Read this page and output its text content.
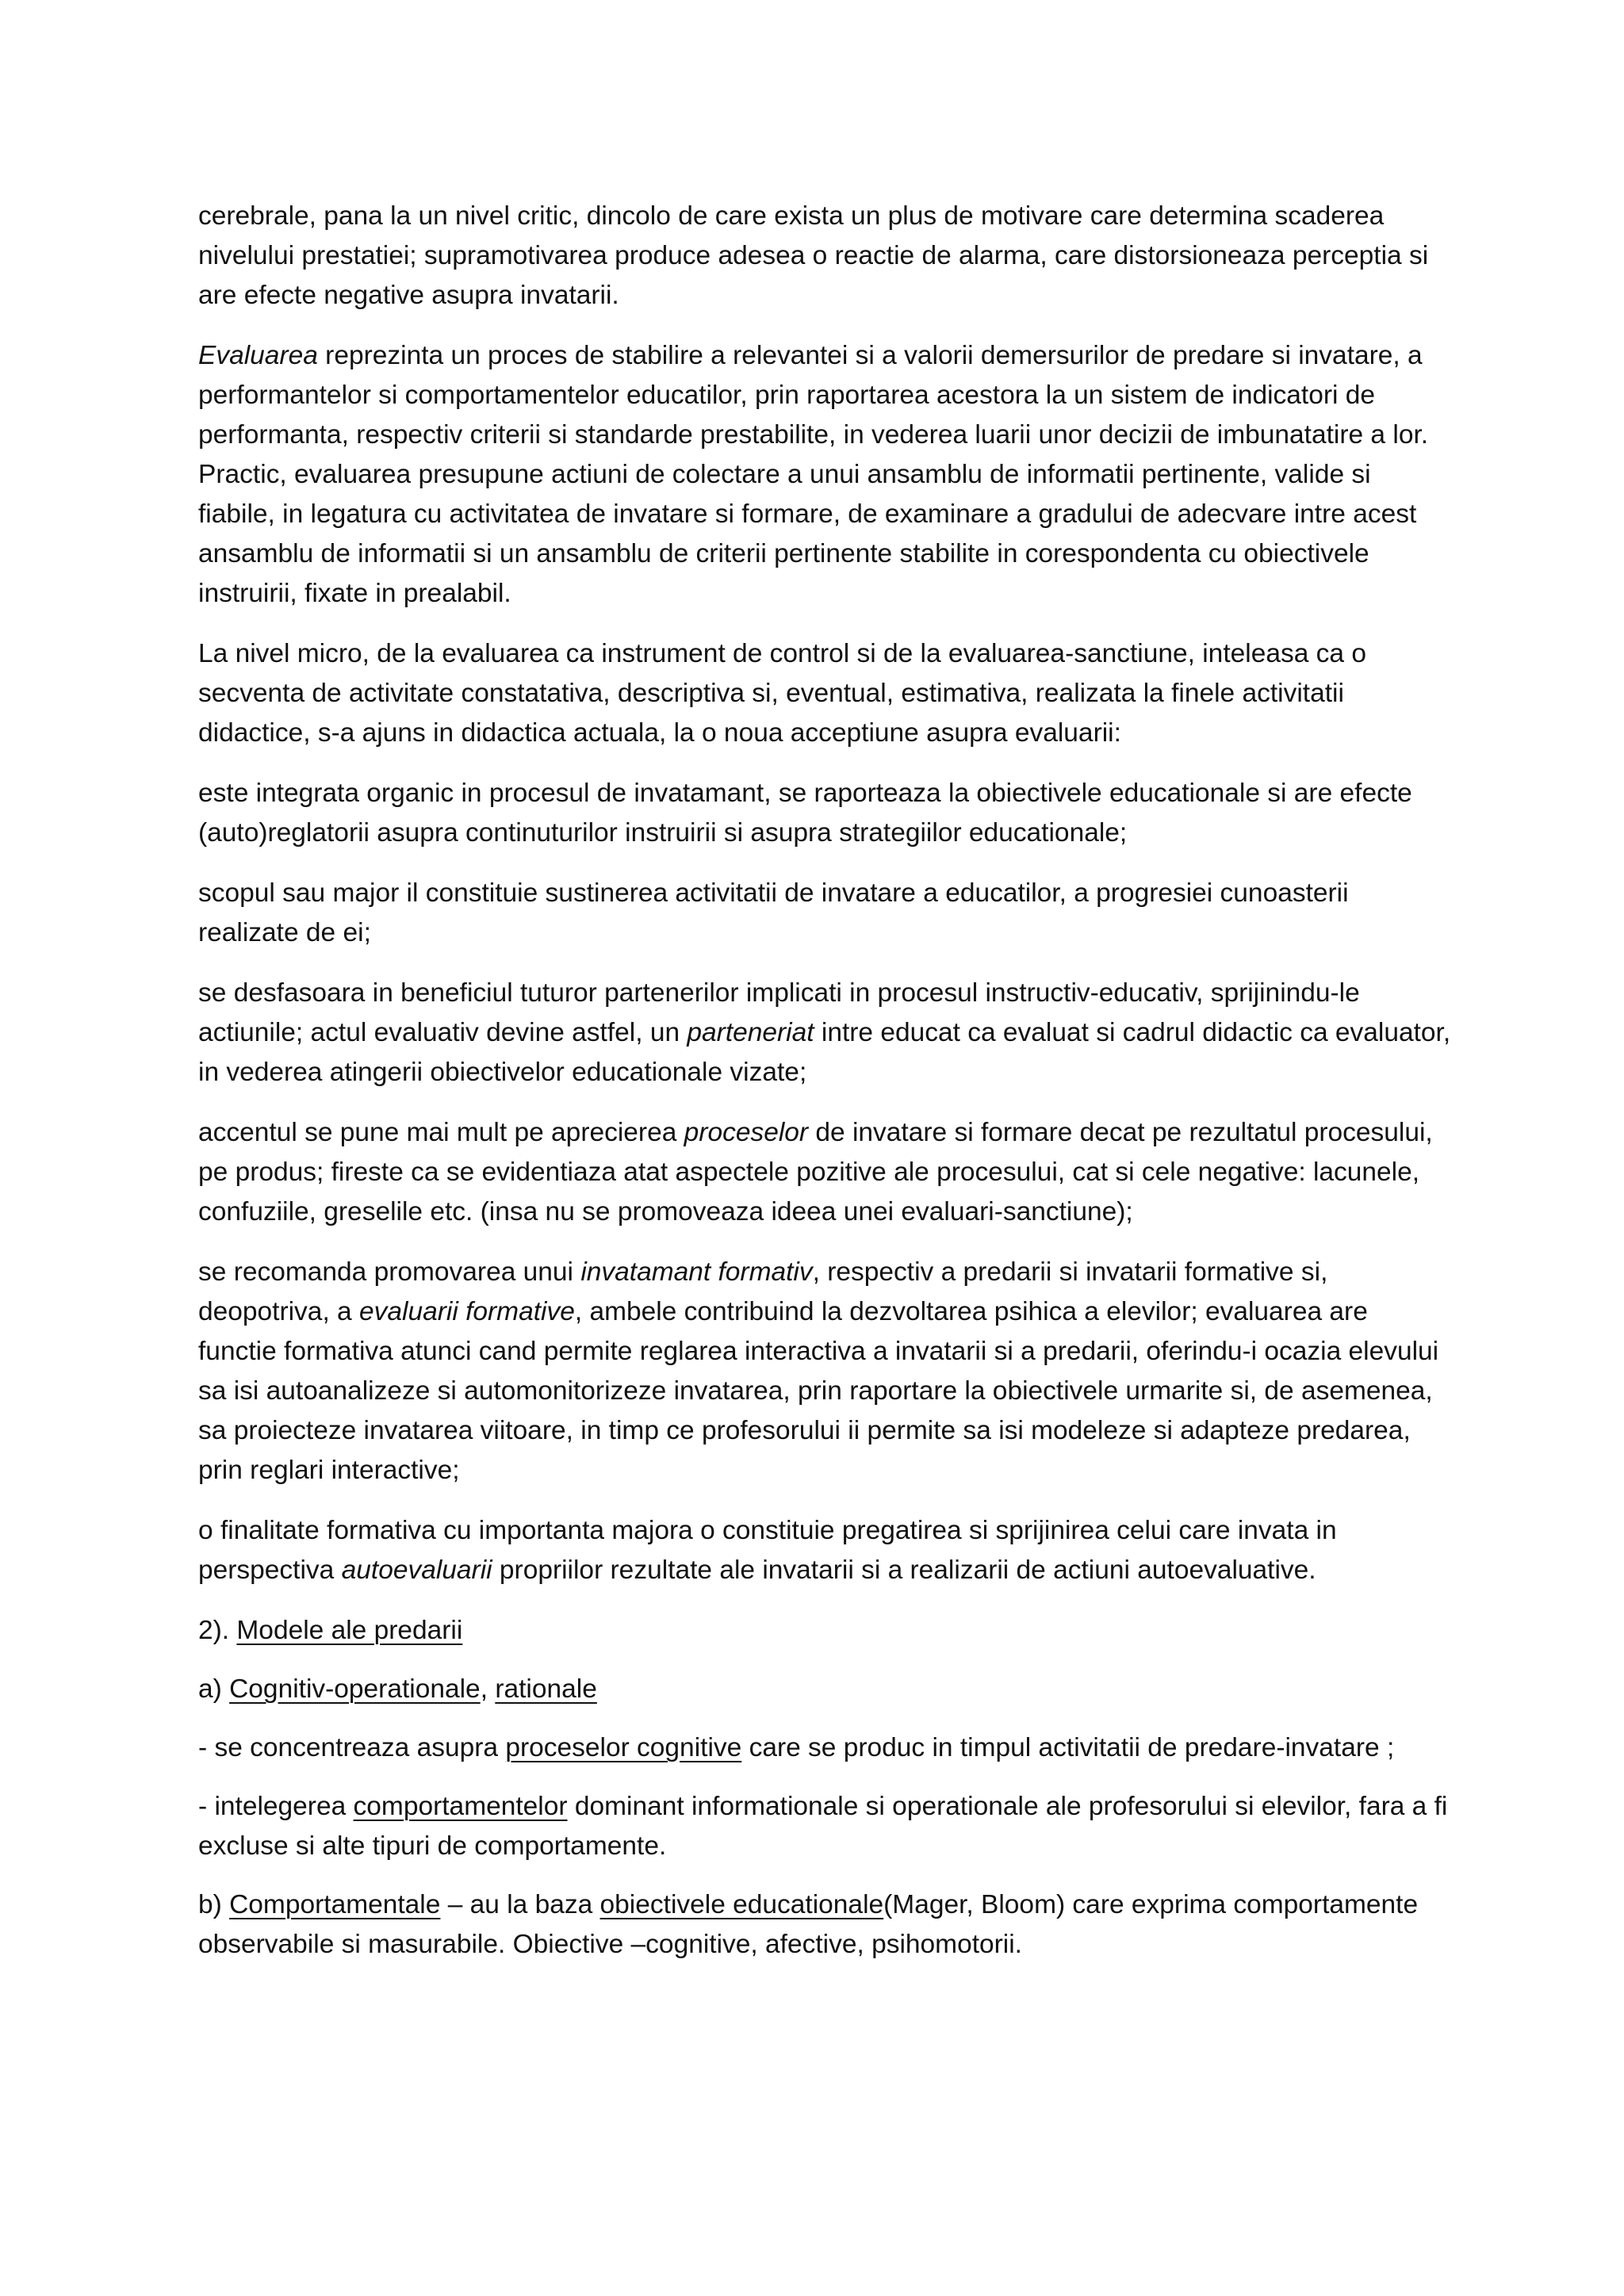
cerebrale, pana la un nivel critic, dincolo de care exista un plus de motivare care determina scaderea nivelului prestatiei; supramotivarea produce adesea o reactie de alarma, care distorsioneaza perceptia si are efecte negative asupra invatarii.

Evaluarea reprezinta un proces de stabilire a relevantei si a valorii demersurilor de predare si invatare, a performantelor si comportamentelor educatilor, prin raportarea acestora la un sistem de indicatori de performanta, respectiv criterii si standarde prestabilite, in vederea luarii unor decizii de imbunatatire a lor. Practic, evaluarea presupune actiuni de colectare a unui ansamblu de informatii pertinente, valide si fiabile, in legatura cu activitatea de invatare si formare, de examinare a gradului de adecvare intre acest ansamblu de informatii si un ansamblu de criterii pertinente stabilite in corespondenta cu obiectivele instruirii, fixate in prealabil.

La nivel micro, de la evaluarea ca instrument de control si de la evaluarea-sanctiune, inteleasa ca o secventa de activitate constatativa, descriptiva si, eventual, estimativa, realizata la finele activitatii didactice, s-a ajuns in didactica actuala, la o noua acceptiune asupra evaluarii:

este integrata organic in procesul de invatamant, se raporteaza la obiectivele educationale si are efecte (auto)reglatorii asupra continuturilor instruirii si asupra strategiilor educationale;

scopul sau major il constituie sustinerea activitatii de invatare a educatilor, a progresiei cunoasterii realizate de ei;

se desfasoara in beneficiul tuturor partenerilor implicati in procesul instructiv-educativ, sprijinindu-le actiunile; actul evaluativ devine astfel, un parteneriat intre educat ca evaluat si cadrul didactic ca evaluator, in vederea atingerii obiectivelor educationale vizate;

accentul se pune mai mult pe aprecierea proceselor de invatare si formare decat pe rezultatul procesului, pe produs; fireste ca se evidentiaza atat aspectele pozitive ale procesului, cat si cele negative: lacunele, confuziile, greselile etc. (insa nu se promoveaza ideea unei evaluari-sanctiune);

se recomanda promovarea unui invatamant formativ, respectiv a predarii si invatarii formative si, deopotriva, a evaluarii formative, ambele contribuind la dezvoltarea psihica a elevilor; evaluarea are functie formativa atunci cand permite reglarea interactiva a invatarii si a predarii, oferindu-i ocazia elevului sa isi autoanalizeze si automonitorizeze invatarea, prin raportare la obiectivele urmarite si, de asemenea, sa proiecteze invatarea viitoare, in timp ce profesorului ii permite sa isi modeleze si adapteze predarea, prin reglari interactive;

o finalitate formativa cu importanta majora o constituie pregatirea si sprijinirea celui care invata in perspectiva autoevaluarii propriilor rezultate ale invatarii si a realizarii de actiuni autoevaluative.

2). Modele ale predarii

a) Cognitiv-operationale, rationale

- se concentreaza asupra proceselor cognitive care se produc in timpul activitatii de predare-invatare ;

- intelegerea comportamentelor dominant informationale si operationale ale profesorului si elevilor, fara a fi excluse si alte tipuri de comportamente.

b) Comportamentale – au la baza obiectivele educationale(Mager, Bloom) care exprima comportamente observabile si masurabile. Obiective –cognitive, afective, psihomotorii.
